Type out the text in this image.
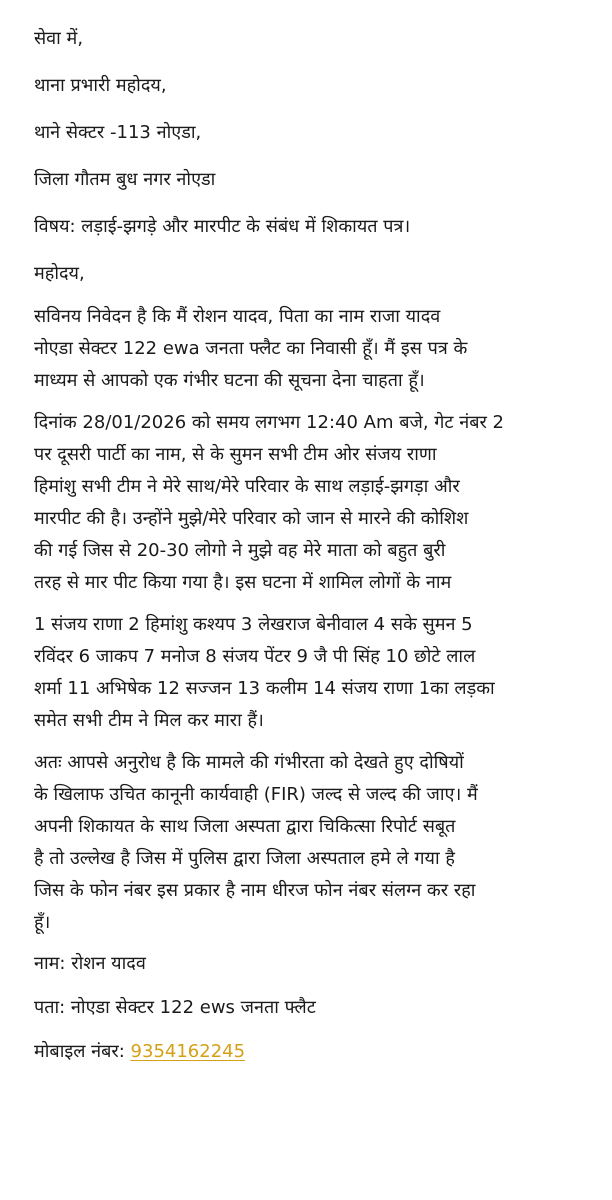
सेवा में,
थाना प्रभारी महोदय,
थाने सेक्टर -113 नोएडा,
जिला गौतम बुध नगर नोएडा
विषय: लड़ाई-झगड़े और मारपीट के संबंध में शिकायत पत्र।
महोदय,
सविनय निवेदन है कि मैं रोशन यादव, पिता का नाम राजा यादव
नोएडा सेक्टर 122 ewa जनता फ्लैट का निवासी हूँ। मैं इस पत्र के
माध्यम से आपको एक गंभीर घटना की सूचना देना चाहता हूँ।
दिनांक 28/01/2026 को समय लगभग 12:40 Am बजे, गेट नंबर 2
पर दूसरी पार्टी का नाम, से के सुमन सभी टीम ओर संजय राणा
हिमांशु सभी टीम ने मेरे साथ/मेरे परिवार के साथ लड़ाई-झगड़ा और
मारपीट की है। उन्होंने मुझे/मेरे परिवार को जान से मारने की कोशिश
की गई जिस से 20-30 लोगो ने मुझे वह मेरे माता को बहुत बुरी
तरह से मार पीट किया गया है। इस घटना में शामिल लोगों के नाम
1 संजय राणा 2 हिमांशु कश्यप 3 लेखराज बेनीवाल 4 सके सुमन 5
रविंदर 6 जाकप 7 मनोज 8 संजय पेंटर 9 जै पी सिंह 10 छोटे लाल
शर्मा 11 अभिषेक 12 सज्जन 13 कलीम 14 संजय राणा 1का लड़का
समेत सभी टीम ने मिल कर मारा हैं।
अतः आपसे अनुरोध है कि मामले की गंभीरता को देखते हुए दोषियों
के खिलाफ उचित कानूनी कार्यवाही (FIR) जल्द से जल्द की जाए। मैं
अपनी शिकायत के साथ जिला अस्पता द्वारा चिकित्सा रिपोर्ट सबूत
है तो उल्लेख है जिस में पुलिस द्वारा जिला अस्पताल हमे ले गया है
जिस के फोन नंबर इस प्रकार है नाम धीरज फोन नंबर संलग्न कर रहा
हूँ।
नाम: रोशन यादव
पता: नोएडा सेक्टर 122 ews जनता फ्लैट
मोबाइल नंबर: 9354162245
